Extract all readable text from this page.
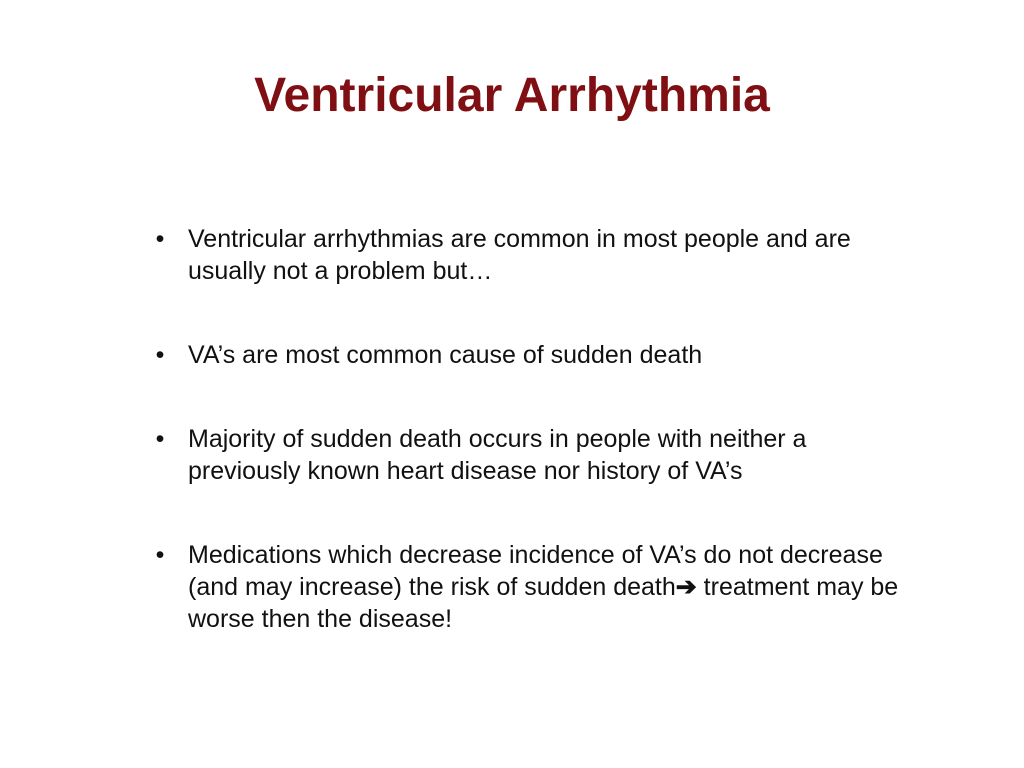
Ventricular Arrhythmia
• Ventricular arrhythmias are common in most people and are usually not a problem but…
• VA’s are most common cause of sudden death
• Majority of sudden death occurs in people with neither a previously known heart disease nor history of VA’s
• Medications which decrease incidence of VA’s do not decrease (and may increase) the risk of sudden death➔ treatment may be worse then the disease!
